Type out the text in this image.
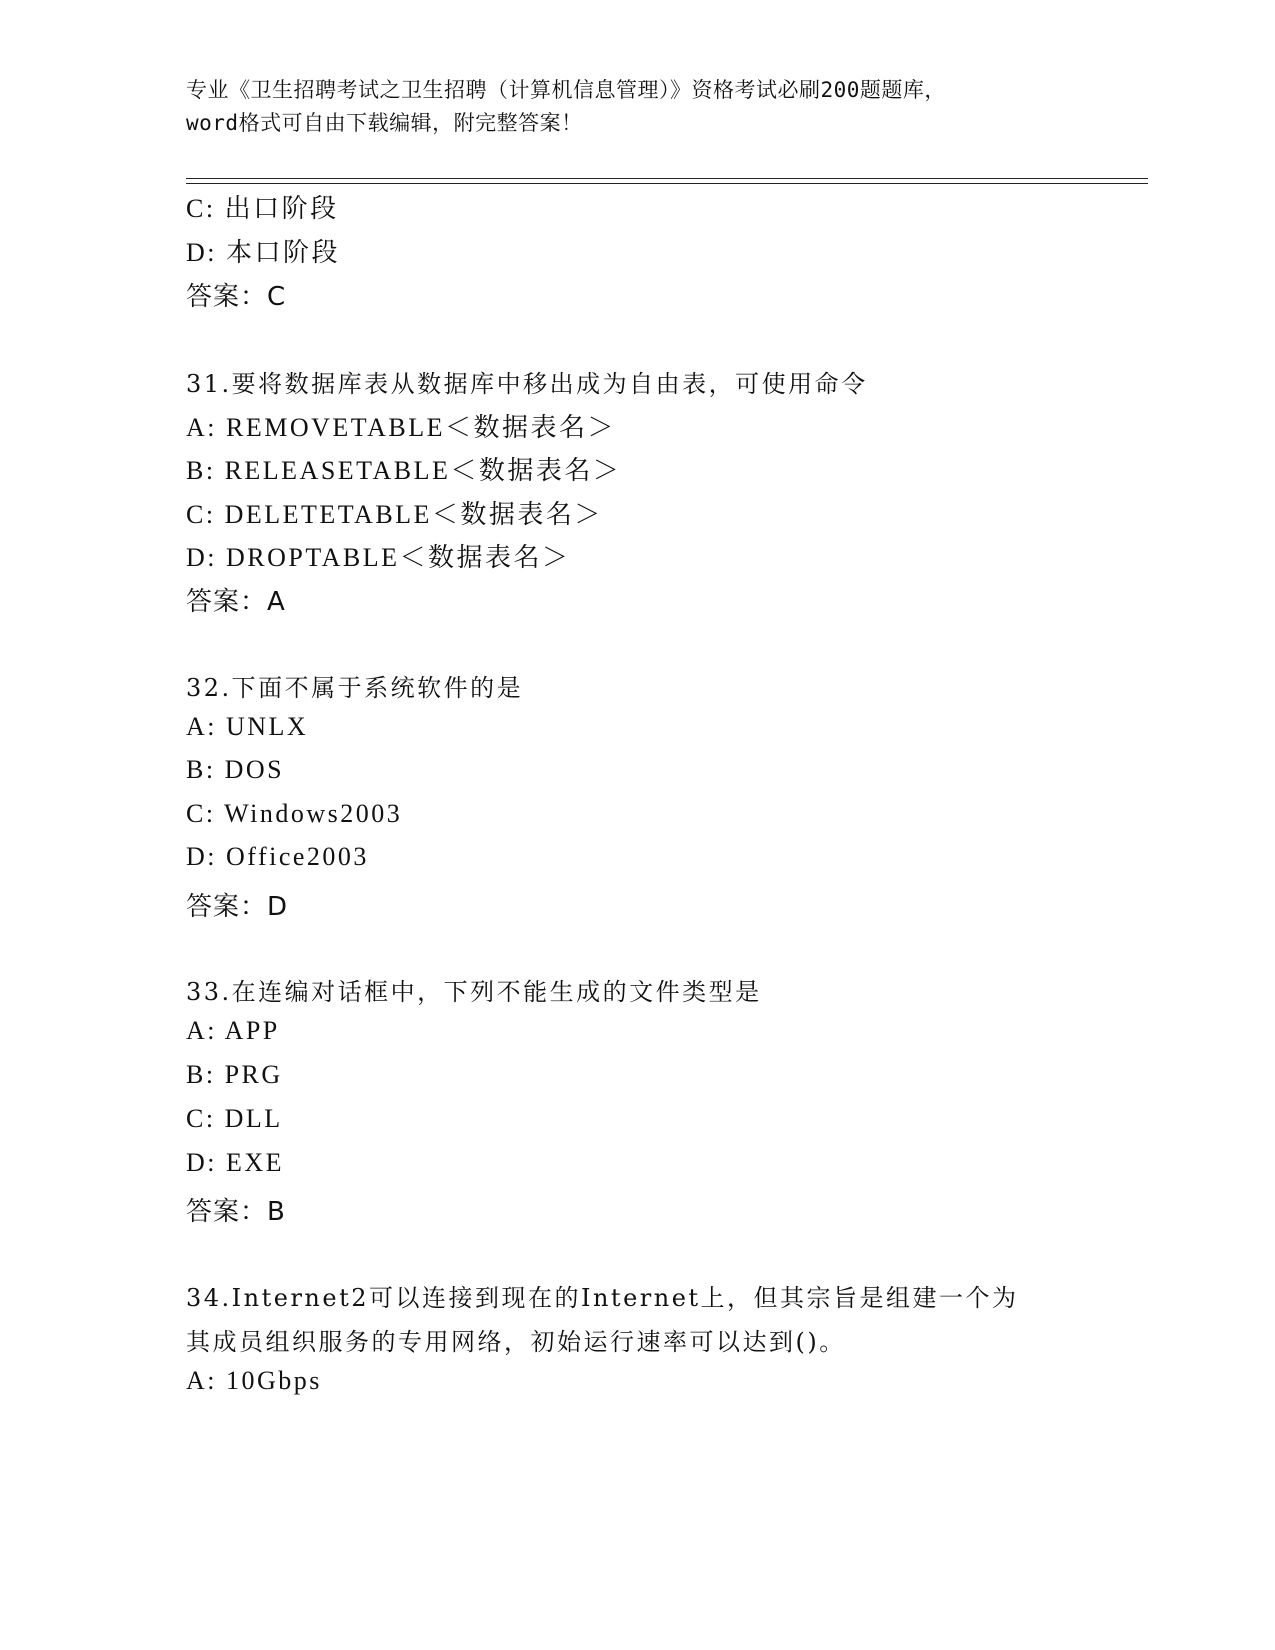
专业《卫生招聘考试之卫生招聘（计算机信息管理）》资格考试必刷200题题库，
word格式可自由下载编辑，附完整答案！
C: 出口阶段
D: 本口阶段
答案：C
31.要将数据库表从数据库中移出成为自由表，可使用命令
A: REMOVETABLE＜数据表名＞
B: RELEASETABLE＜数据表名＞
C: DELETETABLE＜数据表名＞
D: DROPTABLE＜数据表名＞
答案：A
32.下面不属于系统软件的是
A: UNLX
B: DOS
C: Windows2003
D: Office2003
答案：D
33.在连编对话框中，下列不能生成的文件类型是
A: APP
B: PRG
C: DLL
D: EXE
答案：B
34.Internet2可以连接到现在的Internet上，但其宗旨是组建一个为
其成员组织服务的专用网络，初始运行速率可以达到()。
A: 10Gbps
